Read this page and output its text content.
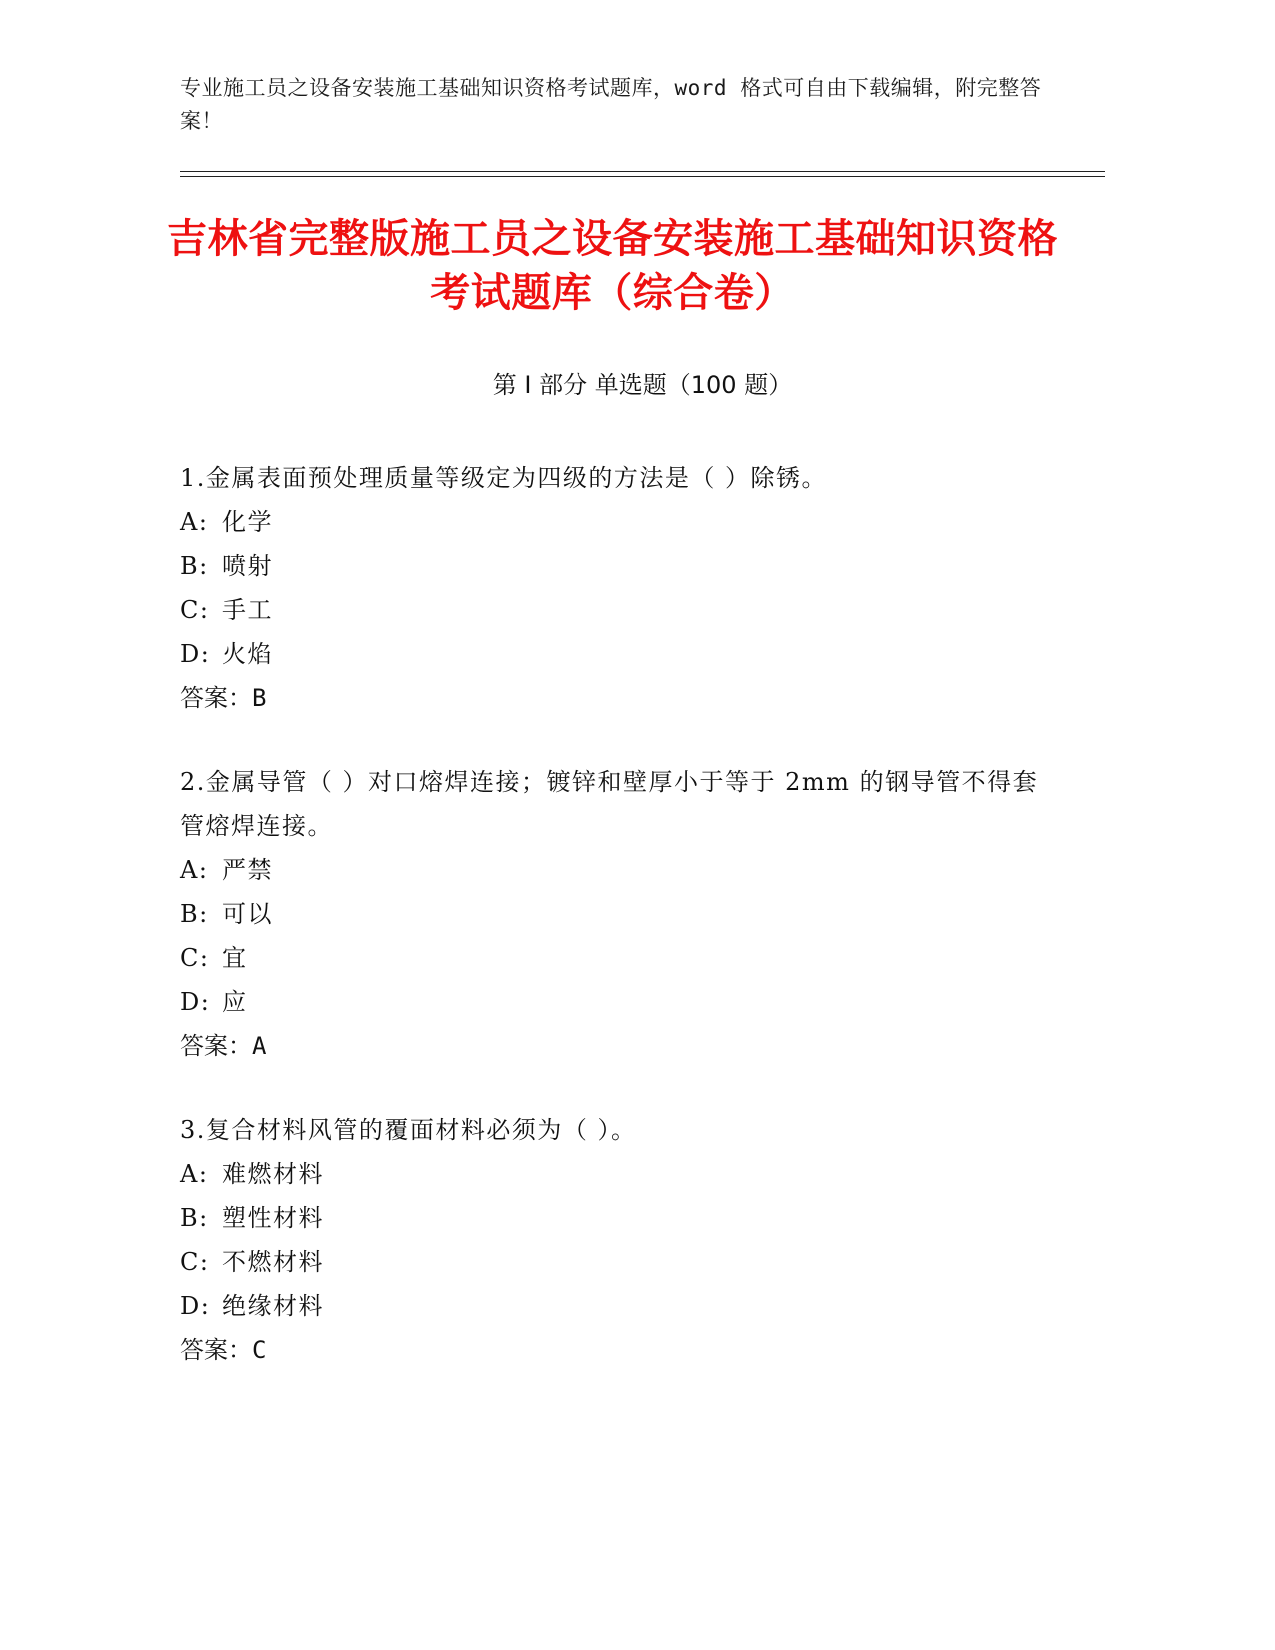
专业施工员之设备安装施工基础知识资格考试题库，word 格式可自由下载编辑，附完整答案！
吉林省完整版施工员之设备安装施工基础知识资格考试题库（综合卷）
第 I 部分 单选题（100 题）

1.金属表面预处理质量等级定为四级的方法是（ ）除锈。

A: 化学

B: 喷射

C: 手工

D: 火焰

答案：B

2.金属导管（ ）对口熔焊连接；镀锌和壁厚小于等于 2mm 的钢导管不得套管熔焊连接。

A: 严禁

B: 可以

C: 宜

D: 应

答案：A

3.复合材料风管的覆面材料必须为（ ）。

A: 难燃材料

B: 塑性材料

C: 不燃材料

D: 绝缘材料

答案：C
